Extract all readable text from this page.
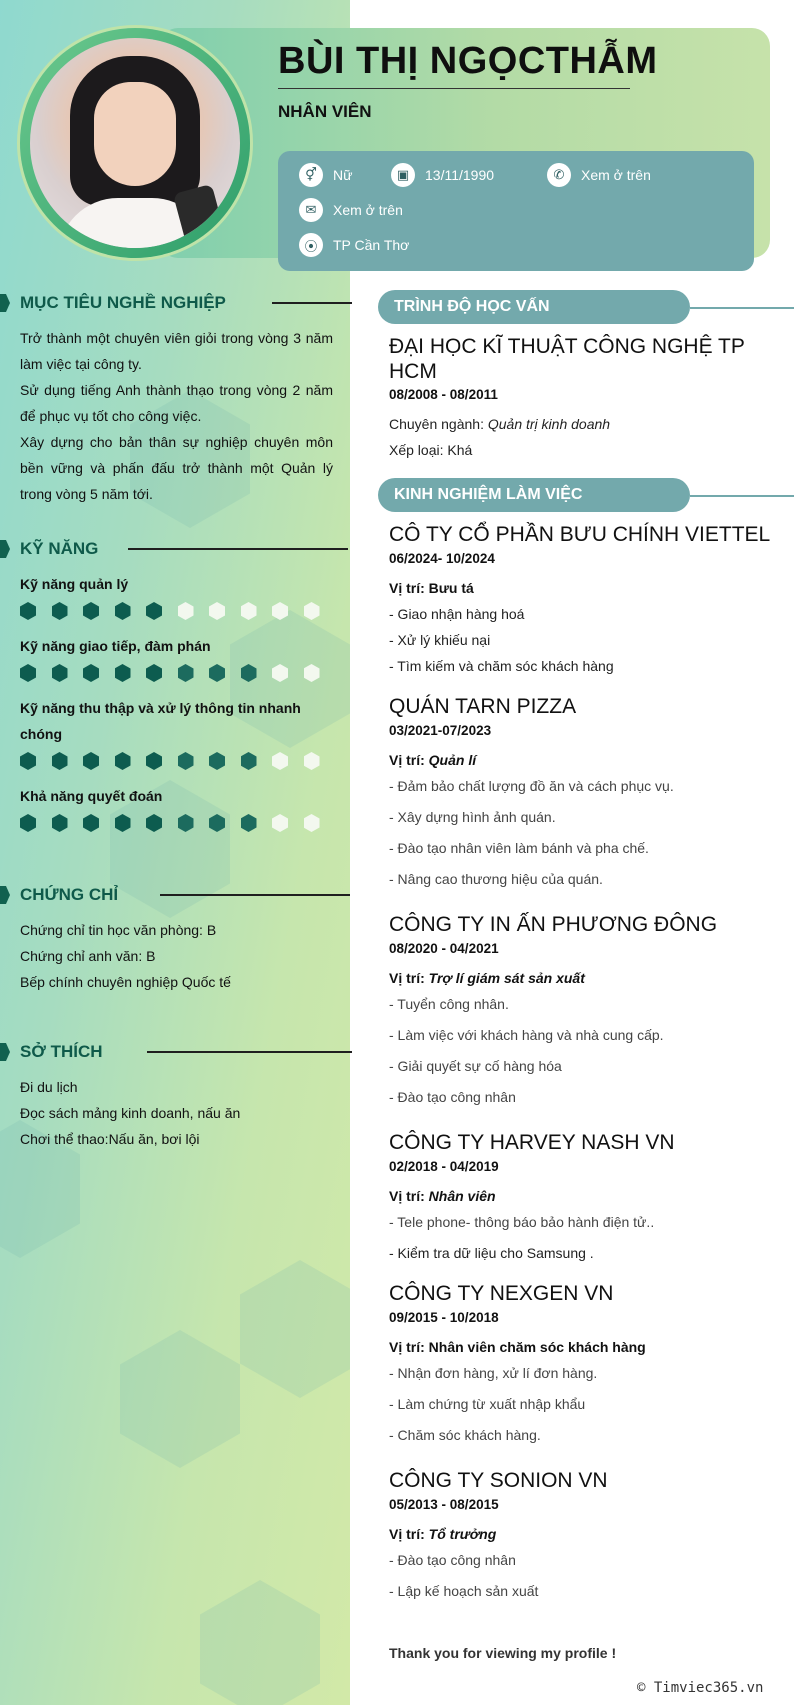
BÙI THỊ NGỌCTHẪM
NHÂN VIÊN
⚥	Nữ	▣	13/11/1990	✆	Xem ở trên
✉	Xem ở trên
⦿	TP Cần Thơ
MỤC TIÊU NGHỀ NGHIỆP
Trở thành một chuyên viên giỏi trong vòng 3 năm làm việc tại công ty.
Sử dụng tiếng Anh thành thạo trong vòng 2 năm để phục vụ tốt cho công việc.
Xây dựng cho bản thân sự nghiệp chuyên môn bền vững và phấn đấu trở thành một Quản lý trong vòng 5 năm tới.
KỸ NĂNG
Kỹ năng quản lý
Kỹ năng giao tiếp, đàm phán
Kỹ năng thu thập và xử lý thông tin nhanh chóng
Khả năng quyết đoán
CHỨNG CHỈ
Chứng chỉ tin học văn phòng: B
Chứng chỉ anh văn: B
Bếp chính chuyên nghiệp Quốc tế
SỞ THÍCH
Đi du lịch
Đọc sách mảng kinh doanh, nấu ăn
Chơi thể thao:Nấu ăn, bơi lội
TRÌNH ĐỘ HỌC VẤN
ĐẠI HỌC KĨ THUẬT CÔNG NGHỆ TP HCM
08/2008 - 08/2011
Chuyên ngành: Quản trị kinh doanh
Xếp loại: Khá
KINH NGHIỆM LÀM VIỆC
CÔ TY CỔ PHẦN BƯU CHÍNH VIETTEL
06/2024- 10/2024
Vị trí: Bưu tá
- Giao nhận hàng hoá
- Xử lý khiếu nại
- Tìm kiếm và chăm sóc khách hàng
QUÁN TARN PIZZA
03/2021-07/2023
Vị trí: Quản lí
- Đảm bảo chất lượng đồ ăn và cách phục vụ.
- Xây dựng hình ảnh quán.
- Đào tạo nhân viên làm bánh và pha chế.
- Nâng cao thương hiệu của quán.
CÔNG TY IN ẤN PHƯƠNG ĐÔNG
08/2020 - 04/2021
Vị trí: Trợ lí giám sát sản xuất
- Tuyển công nhân.
- Làm việc với khách hàng và nhà cung cấp.
- Giải quyết sự cố hàng hóa
- Đào tạo công nhân
CÔNG TY HARVEY NASH VN
02/2018 - 04/2019
Vị trí: Nhân viên
- Tele phone- thông báo bảo hành điện tử..
- Kiểm tra dữ liệu cho Samsung .
CÔNG TY NEXGEN VN
09/2015 - 10/2018
Vị trí: Nhân viên chăm sóc khách hàng
- Nhận đơn hàng, xử lí đơn hàng.
- Làm chứng từ xuất nhập khẩu
- Chăm sóc khách hàng.
CÔNG TY SONION VN
05/2013 - 08/2015
Vị trí: Tổ trưởng
- Đào tạo công nhân
- Lập kế hoạch sản xuất
Thank you for viewing my profile !
© Timviec365.vn
